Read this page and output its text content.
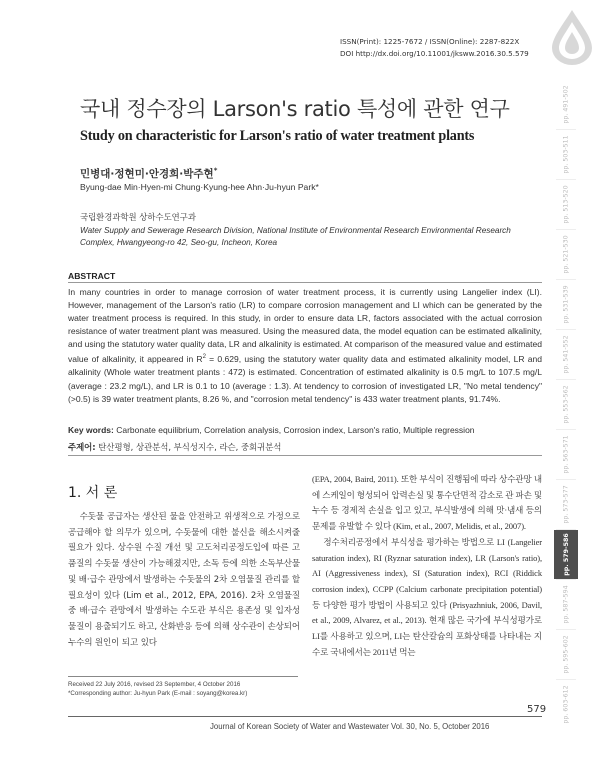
ISSN(Print): 1225-7672 / ISSN(Online): 2287-822X
DOI http://dx.doi.org/10.11001/jksww.2016.30.5.579
국내 정수장의 Larson's ratio 특성에 관한 연구
Study on characteristic for Larson's ratio of water treatment plants
민병대·정현미·안경희·박주현*
Byung-dae Min·Hyen-mi Chung·Kyung-hee Ahn·Ju-hyun Park*
국립환경과학원 상하수도연구과
Water Supply and Sewerage Research Division, National Institute of Environmental Research Environmental Research Complex, Hwangyeong-ro 42, Seo-gu, Incheon, Korea
ABSTRACT
In many countries in order to manage corrosion of water treatment process, it is currently using Langelier index (LI). However, management of the Larson's ratio (LR) to compare corrosion management and LI which can be generated by the water treatment process is required. In this study, in order to ensure data LR, factors associated with the actual corrosion resistance of water treatment plant was measured. Using the measured data, the model equation can be estimated alkalinity, and using the statutory water quality data, LR and alkalinity is estimated. At comparison of the measured value and estimated value of alkalinity, it appeared in $R^2 = 0.629$, using the statutory water quality data and estimated alkalinity model, LR and alkalinity (Whole water treatment plants : 472) is estimated. Concentration of estimated alkalinity is 0.5 mg/L to 107.5 mg/L (average : 23.2 mg/L), and LR is 0.1 to 10 (average : 1.3). At tendency to corrosion of investigated LR, "No metal tendency" (>0.5) is 39 water treatment plants, 8.26 %, and "corrosion metal tendency" is 433 water treatment plants, 91.74%.
Key words: Carbonate equilibrium, Correlation analysis, Corrosion index, Larson's ratio, Multiple regression
주제어: 탄산평형, 상관분석, 부식성지수, 라슨, 중회귀분석
1. 서 론

수돗물 공급자는 생산된 물을 안전하고 위생적으로 가정으로 공급해야 할 의무가 있으며, 수돗물에 대한 불신을 해소시켜줄 필요가 있다. 상수원 수질 개선 및 고도처리공정도입에 따른 고품질의 수돗물 생산이 가능해졌지만, 소독 등에 의한 소독부산물 및 배·급수 관망에서 발생하는 수돗물의 2차 오염물질 관리를 할 필요성이 있다 (Lim et al., 2012, EPA, 2016). 2차 오염물질 중 배·급수 관망에서 발생하는 수도관 부식은 용존성 및 입자성 물질이 용출되기도 하고, 산화반응 등에 의해 상수관이 손상되어 누수의 원인이 되고 있다

(EPA, 2004, Baird, 2011). 또한 부식이 진행됨에 따라 상수관망 내에 스케일이 형성되어 압력손실 및 통수단면적 감소로 관 파손 및 누수 등 경제적 손실을 입고 있고, 부식발생에 의해 맛·냄새 등의 문제를 유발할 수 있다 (Kim, et al., 2007, Melidis, et al., 2007).

정수처리공정에서 부식성을 평가하는 방법으로 LI (Langelier saturation index), RI (Ryznar saturation index), LR (Larson's ratio), AI (Aggressiveness index), SI (Saturation index), RCI (Riddick corrosion index), CCPP (Calcium carbonate precipitation potential) 등 다양한 평가 방법이 사용되고 있다 (Prisyazhniuk, 2006, Davil, et al., 2009, Alvarez, et al., 2013). 현재 많은 국가에 부식성평가로 LI를 사용하고 있으며, LI는 탄산칼슘의 포화상태를 나타내는 지수로 국내에서는 2011년 먹는

Received 22 July 2016, revised 23 September, 4 October 2016
*Corresponding author: Ju-hyun Park (E-mail : soyang@korea.kr)
579
Journal of Korean Society of Water and Wastewater Vol. 30, No. 5, October 2016
pp. 491-502
pp. 503-511
pp. 513-520
pp. 521-530
pp. 531-539
pp. 541-552
pp. 553-562
pp. 563-571
pp. 573-577
pp. 579-586
pp. 587-594
pp. 595-602
pp. 603-612
